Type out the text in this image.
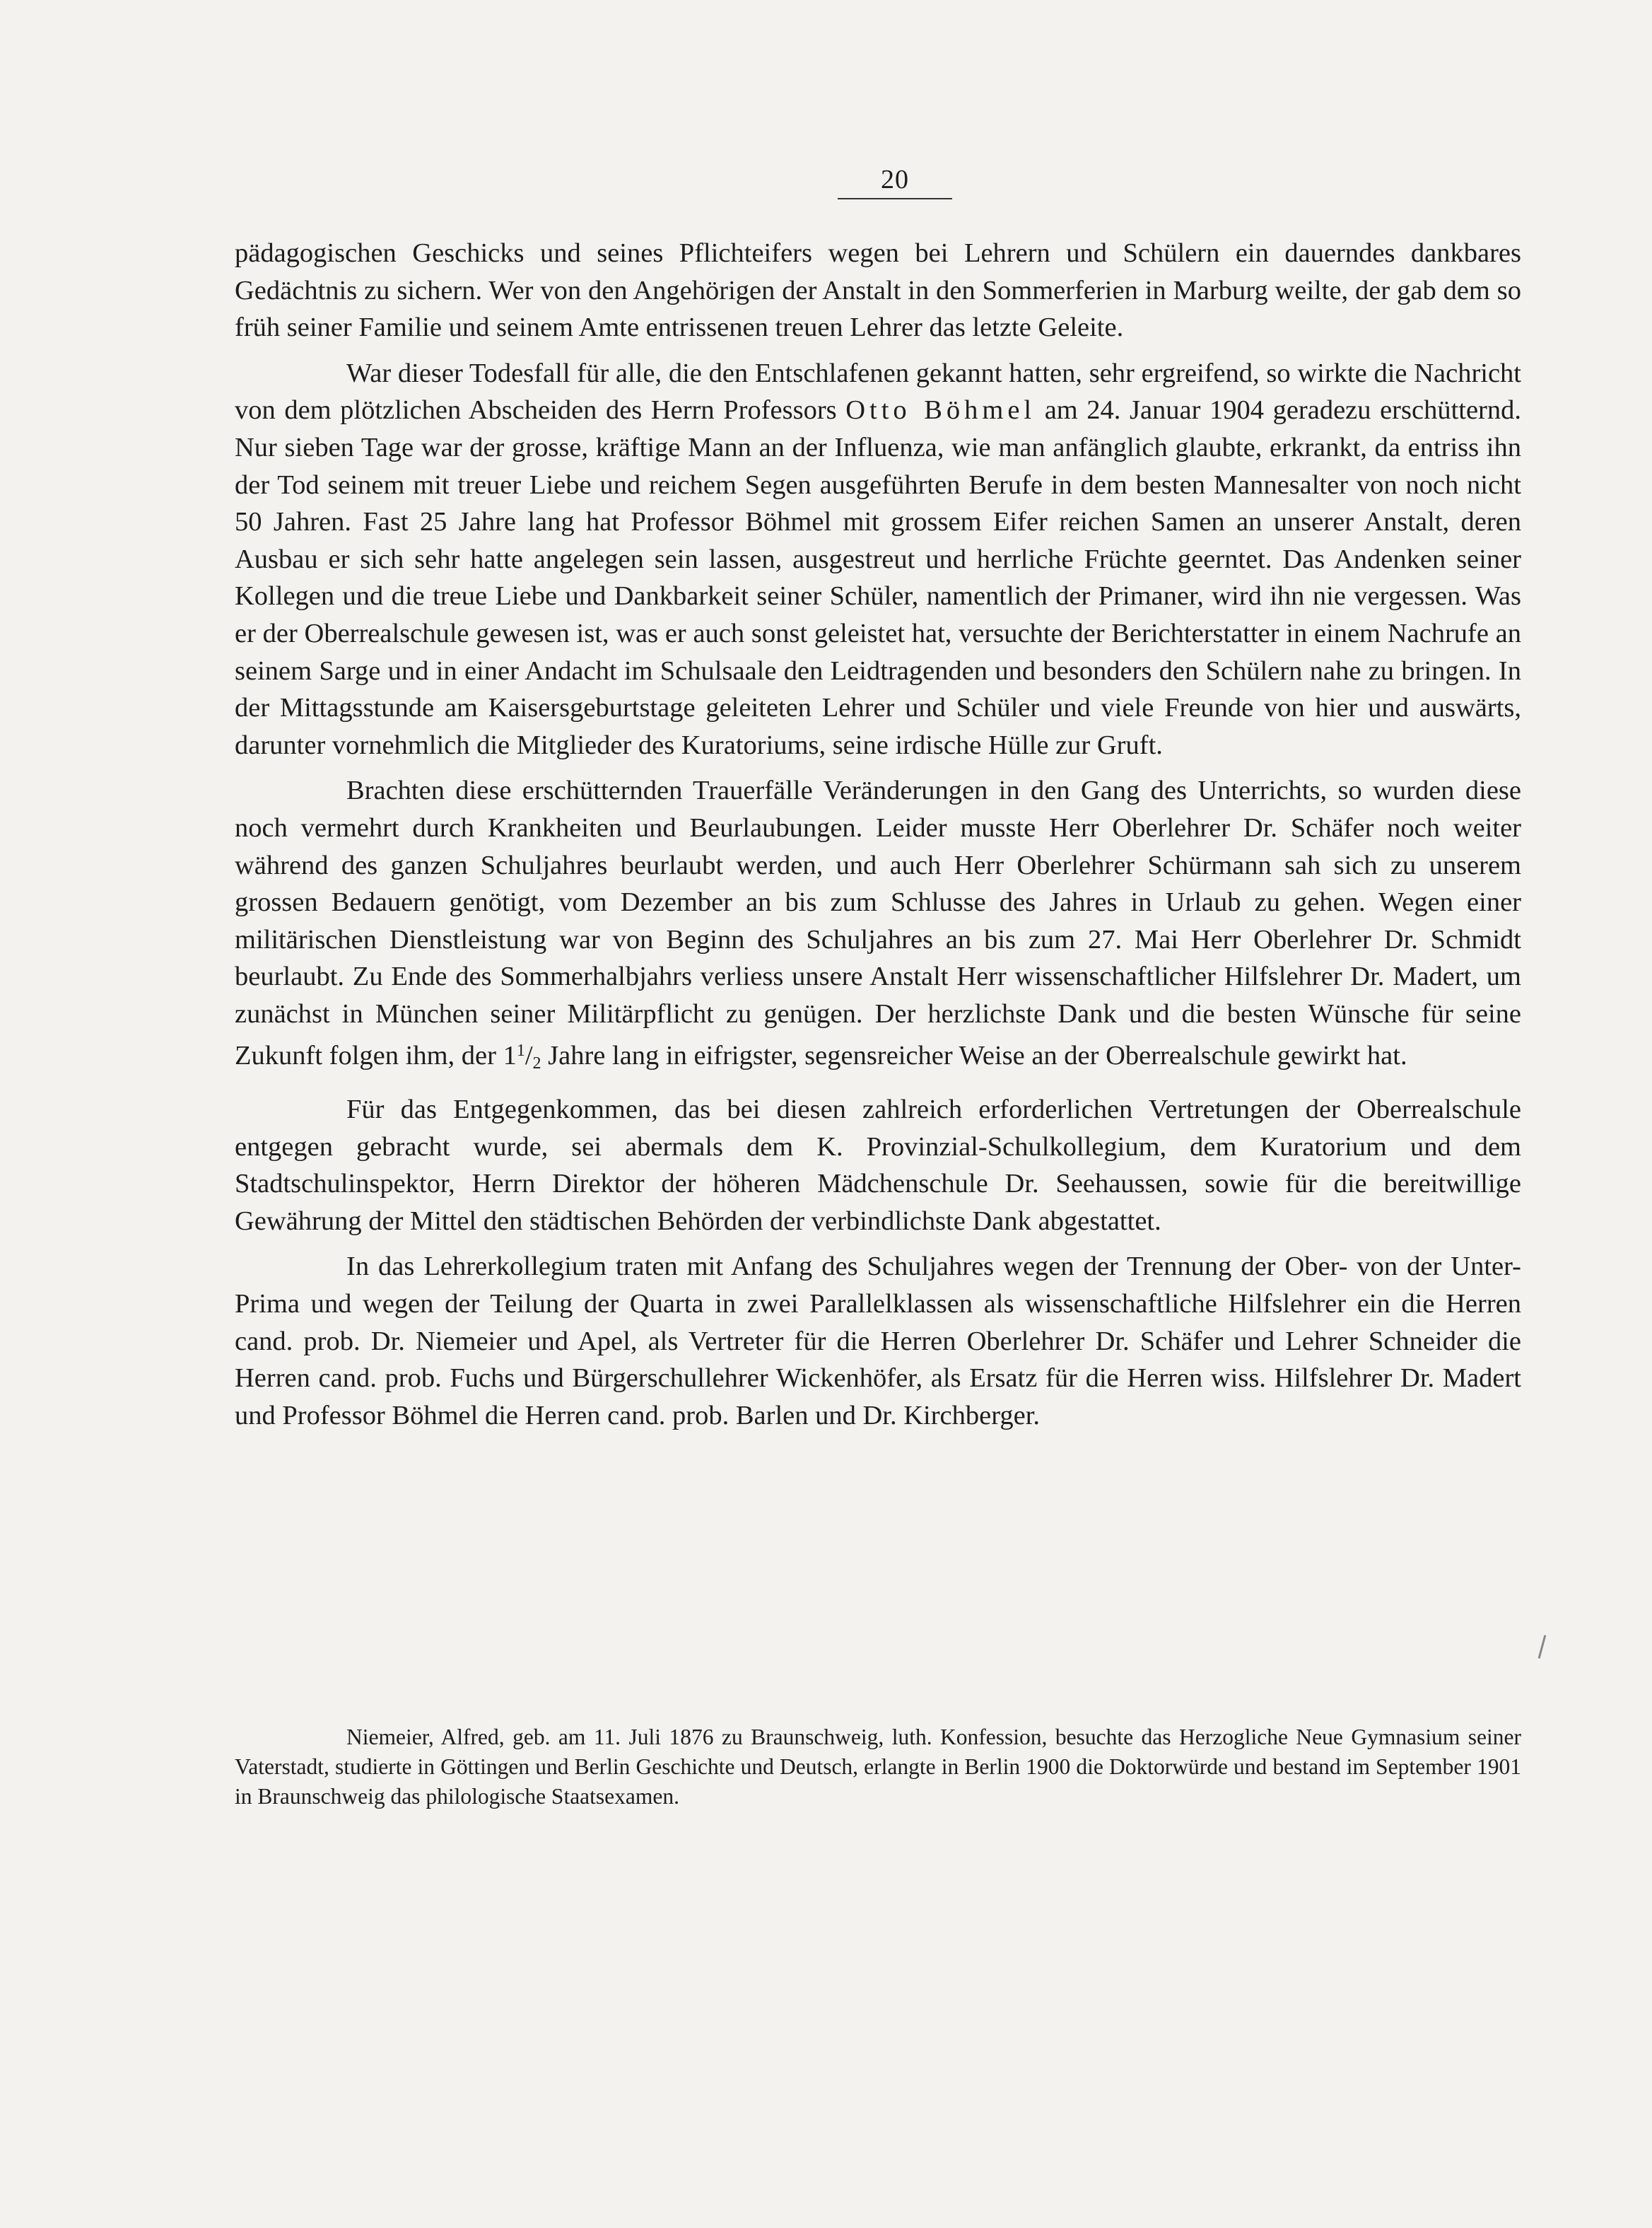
20

pädagogischen Geschicks und seines Pflichteifers wegen bei Lehrern und Schülern ein dauerndes dankbares Gedächtnis zu sichern. Wer von den Angehörigen der Anstalt in den Sommerferien in Marburg weilte, der gab dem so früh seiner Familie und seinem Amte entrissenen treuen Lehrer das letzte Geleite.

War dieser Todesfall für alle, die den Entschlafenen gekannt hatten, sehr ergreifend, so wirkte die Nachricht von dem plötzlichen Abscheiden des Herrn Professors Otto Böhmel am 24. Januar 1904 geradezu erschütternd. Nur sieben Tage war der grosse, kräftige Mann an der Influenza, wie man anfänglich glaubte, erkrankt, da entriss ihn der Tod seinem mit treuer Liebe und reichem Segen ausgeführten Berufe in dem besten Mannesalter von noch nicht 50 Jahren. Fast 25 Jahre lang hat Professor Böhmel mit grossem Eifer reichen Samen an unserer Anstalt, deren Ausbau er sich sehr hatte angelegen sein lassen, ausgestreut und herrliche Früchte geerntet. Das Andenken seiner Kollegen und die treue Liebe und Dankbarkeit seiner Schüler, namentlich der Primaner, wird ihn nie vergessen. Was er der Oberrealschule gewesen ist, was er auch sonst geleistet hat, versuchte der Berichterstatter in einem Nachrufe an seinem Sarge und in einer Andacht im Schulsaale den Leidtragenden und besonders den Schülern nahe zu bringen. In der Mittagsstunde am Kaisersgeburtstage geleiteten Lehrer und Schüler und viele Freunde von hier und auswärts, darunter vornehmlich die Mitglieder des Kuratoriums, seine irdische Hülle zur Gruft.

Brachten diese erschütternden Trauerfälle Veränderungen in den Gang des Unterrichts, so wurden diese noch vermehrt durch Krankheiten und Beurlaubungen. Leider musste Herr Oberlehrer Dr. Schäfer noch weiter während des ganzen Schuljahres beurlaubt werden, und auch Herr Oberlehrer Schürmann sah sich zu unserem grossen Bedauern genötigt, vom Dezember an bis zum Schlusse des Jahres in Urlaub zu gehen. Wegen einer militärischen Dienstleistung war von Beginn des Schuljahres an bis zum 27. Mai Herr Oberlehrer Dr. Schmidt beurlaubt. Zu Ende des Sommerhalbjahrs verliess unsere Anstalt Herr wissenschaftlicher Hilfslehrer Dr. Madert, um zunächst in München seiner Militärpflicht zu genügen. Der herzlichste Dank und die besten Wünsche für seine Zukunft folgen ihm, der $1^1/_2$ Jahre lang in eifrigster, segensreicher Weise an der Oberrealschule gewirkt hat.

Für das Entgegenkommen, das bei diesen zahlreich erforderlichen Vertretungen der Oberrealschule entgegen gebracht wurde, sei abermals dem K. Provinzial-Schulkollegium, dem Kuratorium und dem Stadtschulinspektor, Herrn Direktor der höheren Mädchenschule Dr. Seehaussen, sowie für die bereitwillige Gewährung der Mittel den städtischen Behörden der verbindlichste Dank abgestattet.

In das Lehrerkollegium traten mit Anfang des Schuljahres wegen der Trennung der Ober- von der Unter-Prima und wegen der Teilung der Quarta in zwei Parallelklassen als wissenschaftliche Hilfslehrer ein die Herren cand. prob. Dr. Niemeier und Apel, als Vertreter für die Herren Oberlehrer Dr. Schäfer und Lehrer Schneider die Herren cand. prob. Fuchs und Bürgerschullehrer Wickenhöfer, als Ersatz für die Herren wiss. Hilfslehrer Dr. Madert und Professor Böhmel die Herren cand. prob. Barlen und Dr. Kirchberger.

Niemeier, Alfred, geb. am 11. Juli 1876 zu Braunschweig, luth. Konfession, besuchte das Herzogliche Neue Gymnasium seiner Vaterstadt, studierte in Göttingen und Berlin Geschichte und Deutsch, erlangte in Berlin 1900 die Doktorwürde und bestand im September 1901 in Braunschweig das philologische Staatsexamen.
